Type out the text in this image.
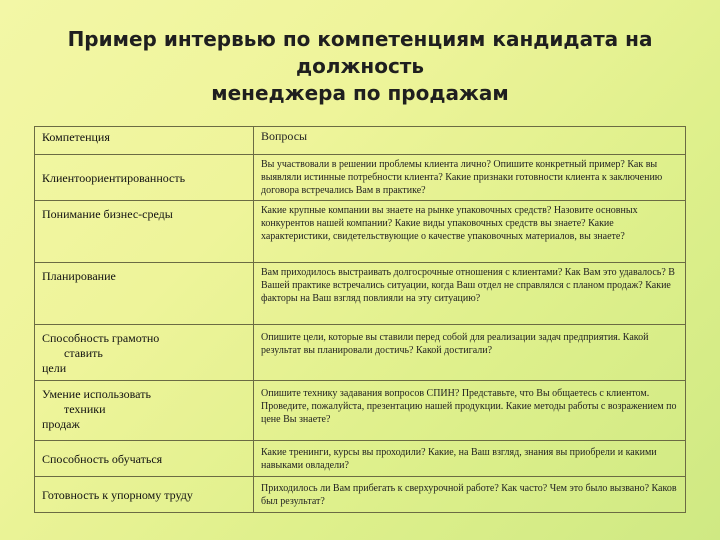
Пример интервью по компетенциям кандидата на
должность
менеджера по продажам
Компетенция	Вопросы
Клиентоориентированность	Вы участвовали в решении проблемы клиента лично? Опишите конкретный пример? Как вы выявляли истинные потребности клиента? Какие признаки готовности клиента к заключению договора встречались Вам в практике?
Понимание бизнес-среды	Какие крупные компании вы знаете на рынке упаковочных средств? Назовите основных конкурентов нашей компании? Какие виды упаковочных средств вы знаете? Какие характеристики, свидетельствующие о качестве упаковочных материалов, вы знаете?
Планирование	Вам приходилось выстраивать долгосрочные отношения с клиентами? Как Вам это удавалось? В Вашей практике встречались ситуации, когда Ваш отдел не справлялся с планом продаж? Какие факторы на Ваш взгляд повлияли на эту ситуацию?

Способность грамотно
ставить
цели	Опишите цели, которые вы ставили перед собой для реализации задач предприятия. Какой результат вы планировали достичь? Какой достигали?

Умение использовать
техники
продаж	Опишите технику задавания вопросов СПИН? Представьте, что Вы общаетесь с клиентом. Проведите, пожалуйста, презентацию нашей продукции. Какие методы работы с возражением по цене Вы знаете?
Способность обучаться	Какие тренинги, курсы вы проходили? Какие, на Ваш взгляд, знания вы приобрели и какими навыками овладели?
Готовность к упорному труду	Приходилось ли Вам прибегать к сверхурочной работе? Как часто? Чем это было вызвано? Каков был результат?
